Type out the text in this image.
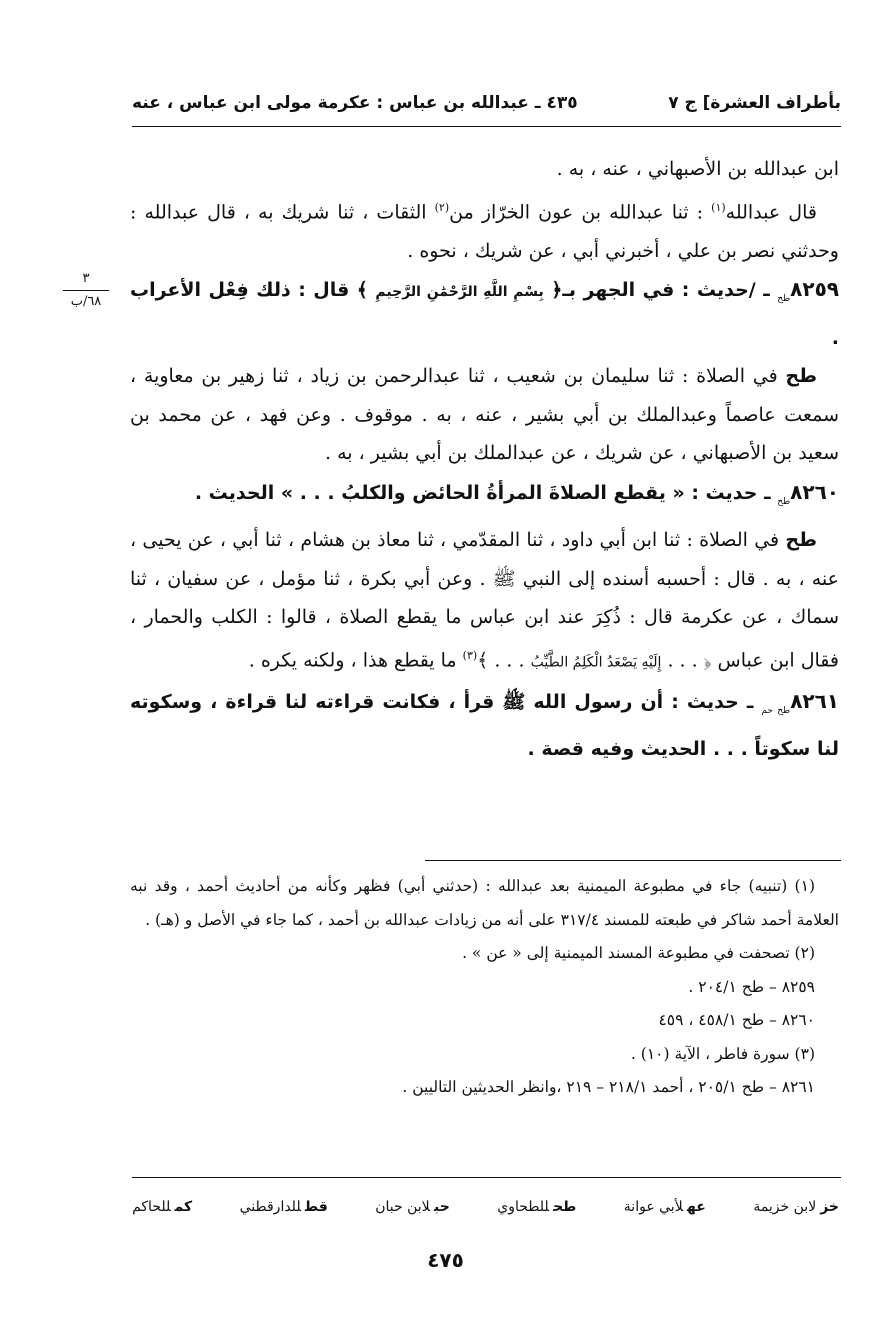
بأطراف العشرة] ج ٧
٤٣٥ ـ عبدالله بن عباس : عكرمة مولى ابن عباس ، عنه
٣
٦٨/ب

ابن عبدالله بن الأصبهاني ، عنه ، به .

قال عبدالله$^{(١)}$ : ثنا عبدالله بن عون الخرّاز من$^{(٢)}$ الثقات ، ثنا شريك به ، قال عبدالله : وحدثني نصر بن علي ، أخبرني أبي ، عن شريك ، نحوه .

$٨٢٥٩_{طح}$ ـ /حديث : في الجهر بـ﴿ بِسْمِ اللَّهِ الرَّحْمَٰنِ الرَّحِيمِ ﴾ قال : ذلك فِعْل الأعراب .

طح في الصلاة : ثنا سليمان بن شعيب ، ثنا عبدالرحمن بن زياد ، ثنا زهير بن معاوية ، سمعت عاصماً وعبدالملك بن أبي بشير ، عنه ، به . موقوف . وعن فهد ، عن محمد بن سعيد بن الأصبهاني ، عن شريك ، عن عبدالملك بن أبي بشير ، به .

$٨٢٦٠_{طح}$ ـ حديث : « يقطع الصلاةَ المرأةُ الحائض والكلبُ . . . » الحديث .

طح في الصلاة : ثنا ابن أبي داود ، ثنا المقدّمي ، ثنا معاذ بن هشام ، ثنا أبي ، عن يحيى ، عنه ، به . قال : أحسبه أسنده إلى النبي ﷺ . وعن أبي بكرة ، ثنا مؤمل ، عن سفيان ، ثنا سماك ، عن عكرمة قال : ذُكِرَ عند ابن عباس ما يقطع الصلاة ، قالوا : الكلب والحمار ، فقال ابن عباس ﴿ . . . إِلَيْهِ يَصْعَدُ الْكَلِمُ الطَّيِّبُ . . . ﴾$^{(٣)}$ ما يقطع هذا ، ولكنه يكره .

$٨٢٦١_{طح حم}$ ـ حديث : أن رسول الله ﷺ قرأ ، فكانت قراءته لنا قراءة ، وسكوته لنا سكوتاً . . . الحديث وفيه قصة .

(١) (تنبيه) جاء في مطبوعة الميمنية بعد عبدالله : (حدثني أبي) فظهر وكأنه من أحاديث أحمد ، وقد نبه العلامة أحمد شاكر في طبعته للمسند ٣١٧/٤ على أنه من زيادات عبدالله بن أحمد ، كما جاء في الأصل و (هـ) .

(٢) تصحفت في مطبوعة المسند الميمنية إلى « عن » .

٨٢٥٩ – طح ٢٠٤/١ .

٨٢٦٠ – طح ٤٥٨/١ ، ٤٥٩

(٣) سورة فاطر ، الآية (١٠) .

٨٢٦١ – طح ٢٠٥/١ ، أحمد ٢١٨/١ – ٢١٩ ،وانظر الحديثين التاليين .

خزلابن خزيمة
عهلأبي عوانة
طحللطحاوي
حبلابن حبان
قطللدارقطني
كمللحاكم
٤٧٥
